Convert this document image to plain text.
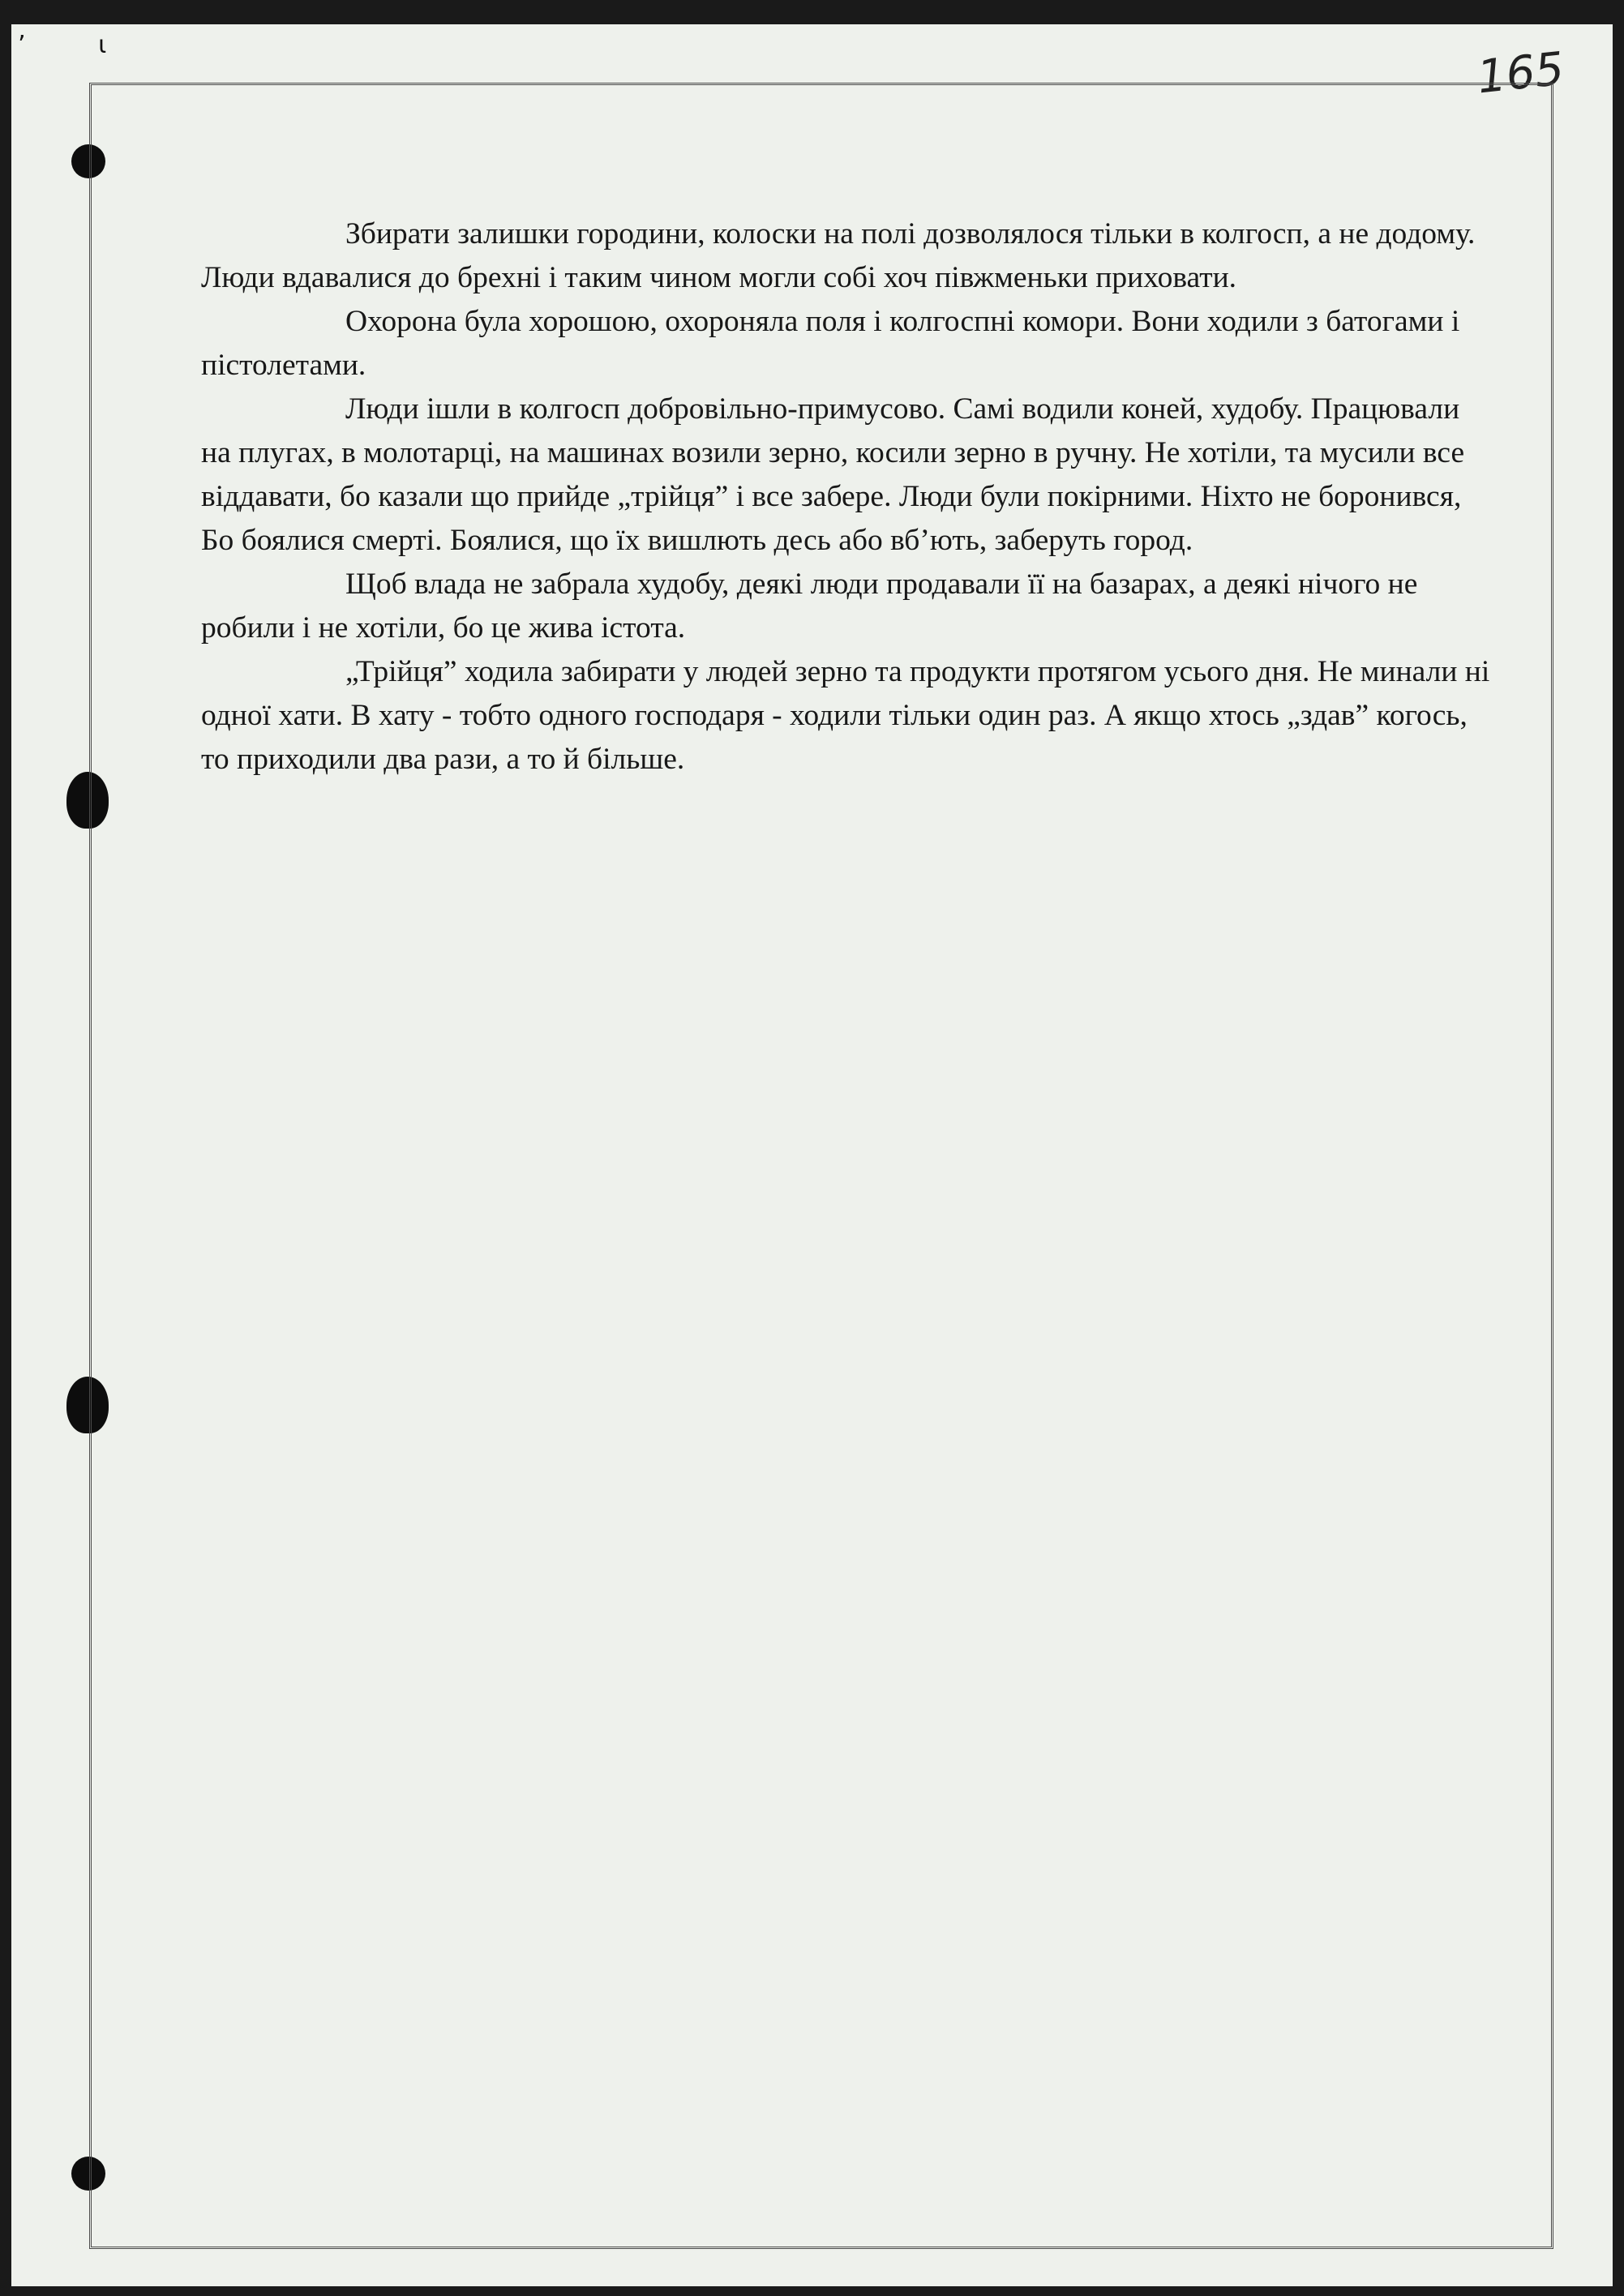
ʼ ɩ	165

Збирати залишки городини, колоски на полі дозволялося тільки в колгосп, а не додому. Люди вдавалися до брехні і таким чином могли собі хоч півжменьки приховати.

Охорона була хорошою, охороняла поля і колгоспні комори. Вони ходили з батогами і пістолетами.

Люди ішли в колгосп добровільно-примусово. Самі водили коней, худобу. Працювали на плугах, в молотарці, на машинах возили зерно, косили зерно в ручну. Не хотіли, та мусили все віддавати, бо казали що прийде „трійця” і все забере. Люди були покірними. Ніхто не боронився, Бо боялися смерті. Боялися, що їх вишлють десь або вб’ють, заберуть город.

Щоб влада не забрала худобу, деякі люди продавали її на базарах, а деякі нічого не робили і не хотіли, бо це жива істота.

„Трійця” ходила забирати у людей зерно та продукти протягом усього дня. Не минали ні одної хати. В хату - тобто одного господаря - ходили тільки один раз. А якщо хтось „здав” когось, то приходили два рази, а то й більше.
